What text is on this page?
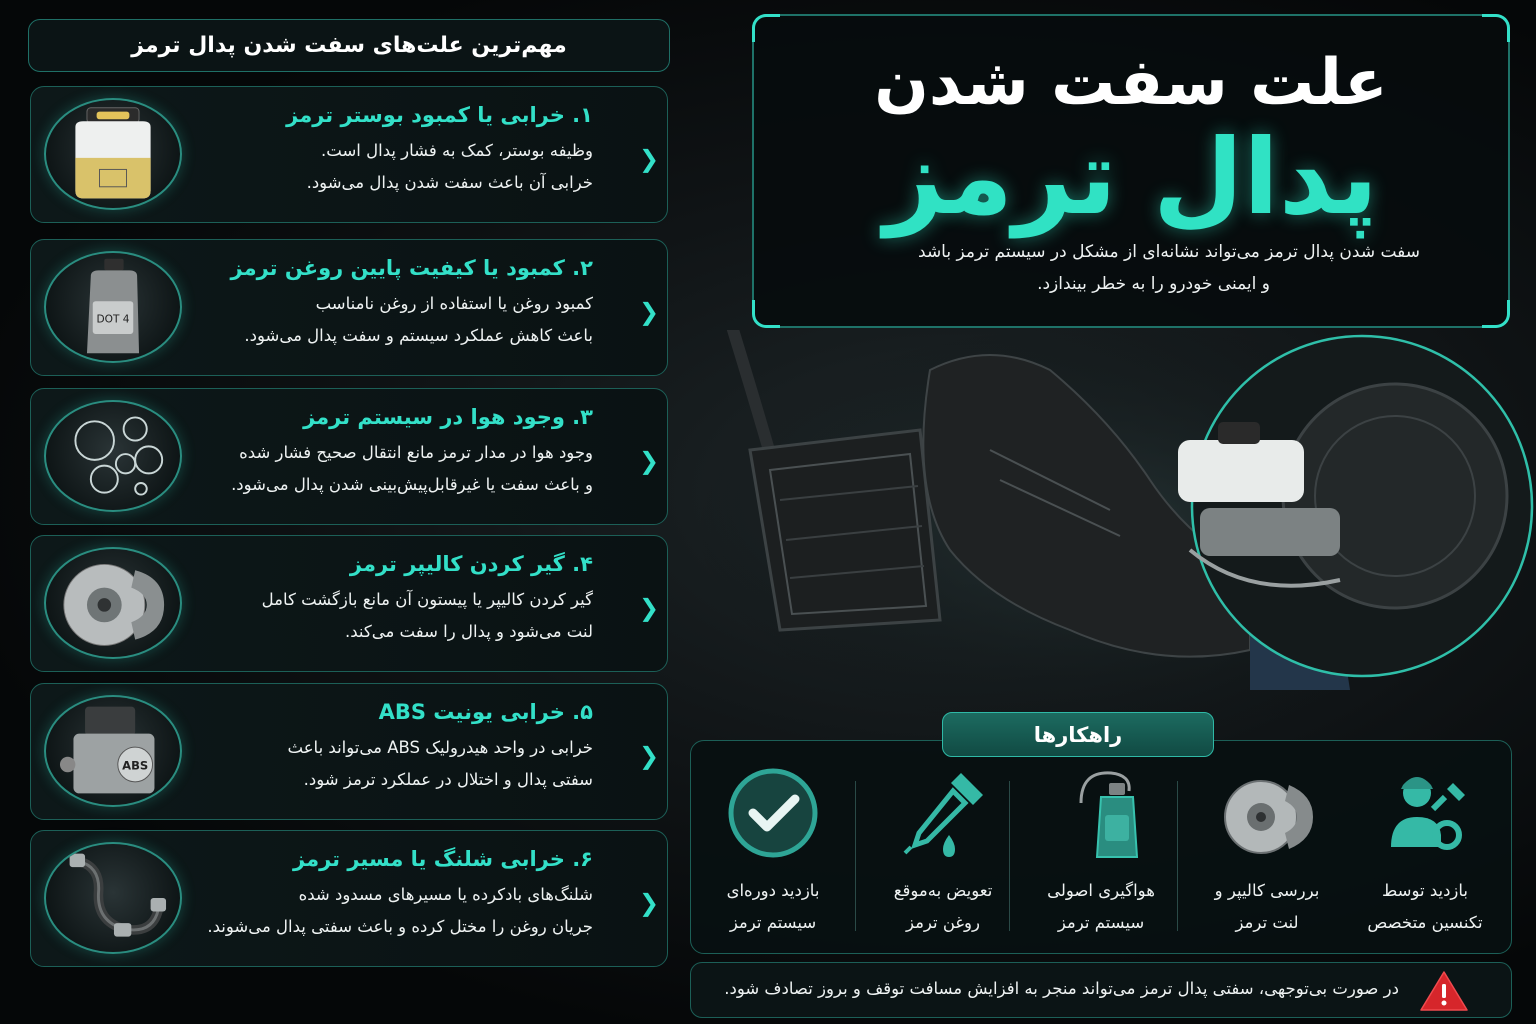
مهم‌ترین علت‌های سفت شدن پدال ترمز
۱. خرابی یا کمبود بوستر ترمز
وظیفه بوستر، کمک به فشار پدال است.
خرابی آن باعث سفت شدن پدال می‌شود.
❮
۲. کمبود یا کیفیت پایین روغن ترمز
کمبود روغن یا استفاده از روغن نامناسب
باعث کاهش عملکرد سیستم و سفت پدال می‌شود.
❮
DOT 4
۳. وجود هوا در سیستم ترمز
وجود هوا در مدار ترمز مانع انتقال صحیح فشار شده
و باعث سفت یا غیرقابل‌پیش‌بینی شدن پدال می‌شود.
❮
۴. گیر کردن کالیپر ترمز
گیر کردن کالیپر یا پیستون آن مانع بازگشت کامل
لنت می‌شود و پدال را سفت می‌کند.
❮
۵. خرابی یونیت ABS
خرابی در واحد هیدرولیک ABS می‌تواند باعث
سفتی پدال و اختلال در عملکرد ترمز شود.
❮
ABS
۶. خرابی شلنگ یا مسیر ترمز
شلنگ‌های بادکرده یا مسیرهای مسدود شده
جریان روغن را مختل کرده و باعث سفتی پدال می‌شوند.
❮
علت سفت شدن
پدال ترمز
سفت شدن پدال ترمز می‌تواند نشانه‌ای از مشکل در سیستم ترمز باشد
و ایمنی خودرو را به خطر بیندازد.
راهکارها
بازدید توسط
تکنسین متخصص
بررسی کالیپر و
لنت ترمز
هواگیری اصولی
سیستم ترمز
تعویض به‌موقع
روغن ترمز
بازدید دوره‌ای
سیستم ترمز
در صورت بی‌توجهی، سفتی پدال ترمز می‌تواند منجر به افزایش مسافت توقف و بروز تصادف شود.
